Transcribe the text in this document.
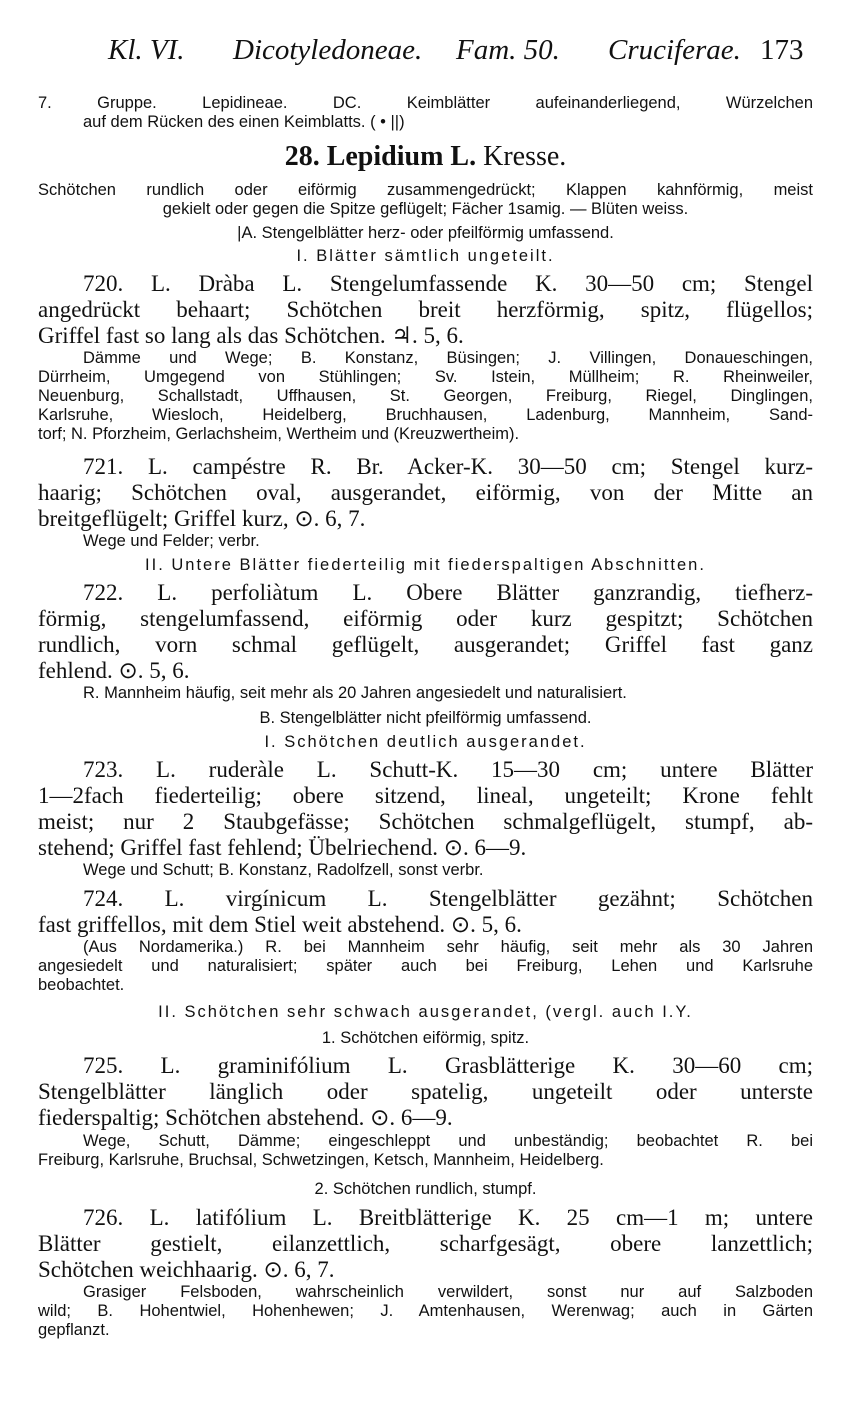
Kl. VI. Dicotyledoneae. Fam. 50. Cruciferae. 173
7. Gruppe. Lepidineae. DC. Keimblätter aufeinanderliegend, Würzelchen
auf dem Rücken des einen Keimblatts. ( • ||)
28. Lepidium L. Kresse.
Schötchen rundlich oder eiförmig zusammengedrückt; Klappen kahnförmig, meist
gekielt oder gegen die Spitze geflügelt; Fächer 1samig. — Blüten weiss.
|A. Stengelblätter herz- oder pfeilförmig umfassend.
I. Blätter sämtlich ungeteilt.
720. L. Dràba L. Stengelumfassende K. 30—50 cm; Stengel
angedrückt behaart; Schötchen breit herzförmig, spitz, flügellos;
Griffel fast so lang als das Schötchen. ♃. 5, 6.
Dämme und Wege; B. Konstanz, Büsingen; J. Villingen, Donaueschingen,
Dürrheim, Umgegend von Stühlingen; Sv. Istein, Müllheim; R. Rheinweiler,
Neuenburg, Schallstadt, Uffhausen, St. Georgen, Freiburg, Riegel, Dinglingen,
Karlsruhe, Wiesloch, Heidelberg, Bruchhausen, Ladenburg, Mannheim, Sand-
torf; N. Pforzheim, Gerlachsheim, Wertheim und (Kreuzwertheim).
721. L. campéstre R. Br. Acker-K. 30—50 cm; Stengel kurz-
haarig; Schötchen oval, ausgerandet, eiförmig, von der Mitte an
breitgeflügelt; Griffel kurz, ⊙. 6, 7.
Wege und Felder; verbr.
II. Untere Blätter fiederteilig mit fiederspaltigen Abschnitten.
722. L. perfoliàtum L. Obere Blätter ganzrandig, tiefherz-
förmig, stengelumfassend, eiförmig oder kurz gespitzt; Schötchen
rundlich, vorn schmal geflügelt, ausgerandet; Griffel fast ganz
fehlend. ⊙. 5, 6.
R. Mannheim häufig, seit mehr als 20 Jahren angesiedelt und naturalisiert.
B. Stengelblätter nicht pfeilförmig umfassend.
I. Schötchen deutlich ausgerandet.
723. L. ruderàle L. Schutt-K. 15—30 cm; untere Blätter
1—2fach fiederteilig; obere sitzend, lineal, ungeteilt; Krone fehlt
meist; nur 2 Staubgefässe; Schötchen schmalgeflügelt, stumpf, ab-
stehend; Griffel fast fehlend; Übelriechend. ⊙. 6—9.
Wege und Schutt; B. Konstanz, Radolfzell, sonst verbr.
724. L. virgínicum L. Stengelblätter gezähnt; Schötchen
fast griffellos, mit dem Stiel weit abstehend. ⊙. 5, 6.
(Aus Nordamerika.) R. bei Mannheim sehr häufig, seit mehr als 30 Jahren
angesiedelt und naturalisiert; später auch bei Freiburg, Lehen und Karlsruhe
beobachtet.
II. Schötchen sehr schwach ausgerandet, (vergl. auch I.Y.
1. Schötchen eiförmig, spitz.
725. L. graminifólium L. Grasblätterige K. 30—60 cm;
Stengelblätter länglich oder spatelig, ungeteilt oder unterste
fiederspaltig; Schötchen abstehend. ⊙. 6—9.
Wege, Schutt, Dämme; eingeschleppt und unbeständig; beobachtet R. bei
Freiburg, Karlsruhe, Bruchsal, Schwetzingen, Ketsch, Mannheim, Heidelberg.
2. Schötchen rundlich, stumpf.
726. L. latifólium L. Breitblätterige K. 25 cm—1 m; untere
Blätter gestielt, eilanzettlich, scharfgesägt, obere lanzettlich;
Schötchen weichhaarig. ⊙. 6, 7.
Grasiger Felsboden, wahrscheinlich verwildert, sonst nur auf Salzboden
wild; B. Hohentwiel, Hohenhewen; J. Amtenhausen, Werenwag; auch in Gärten
gepflanzt.
